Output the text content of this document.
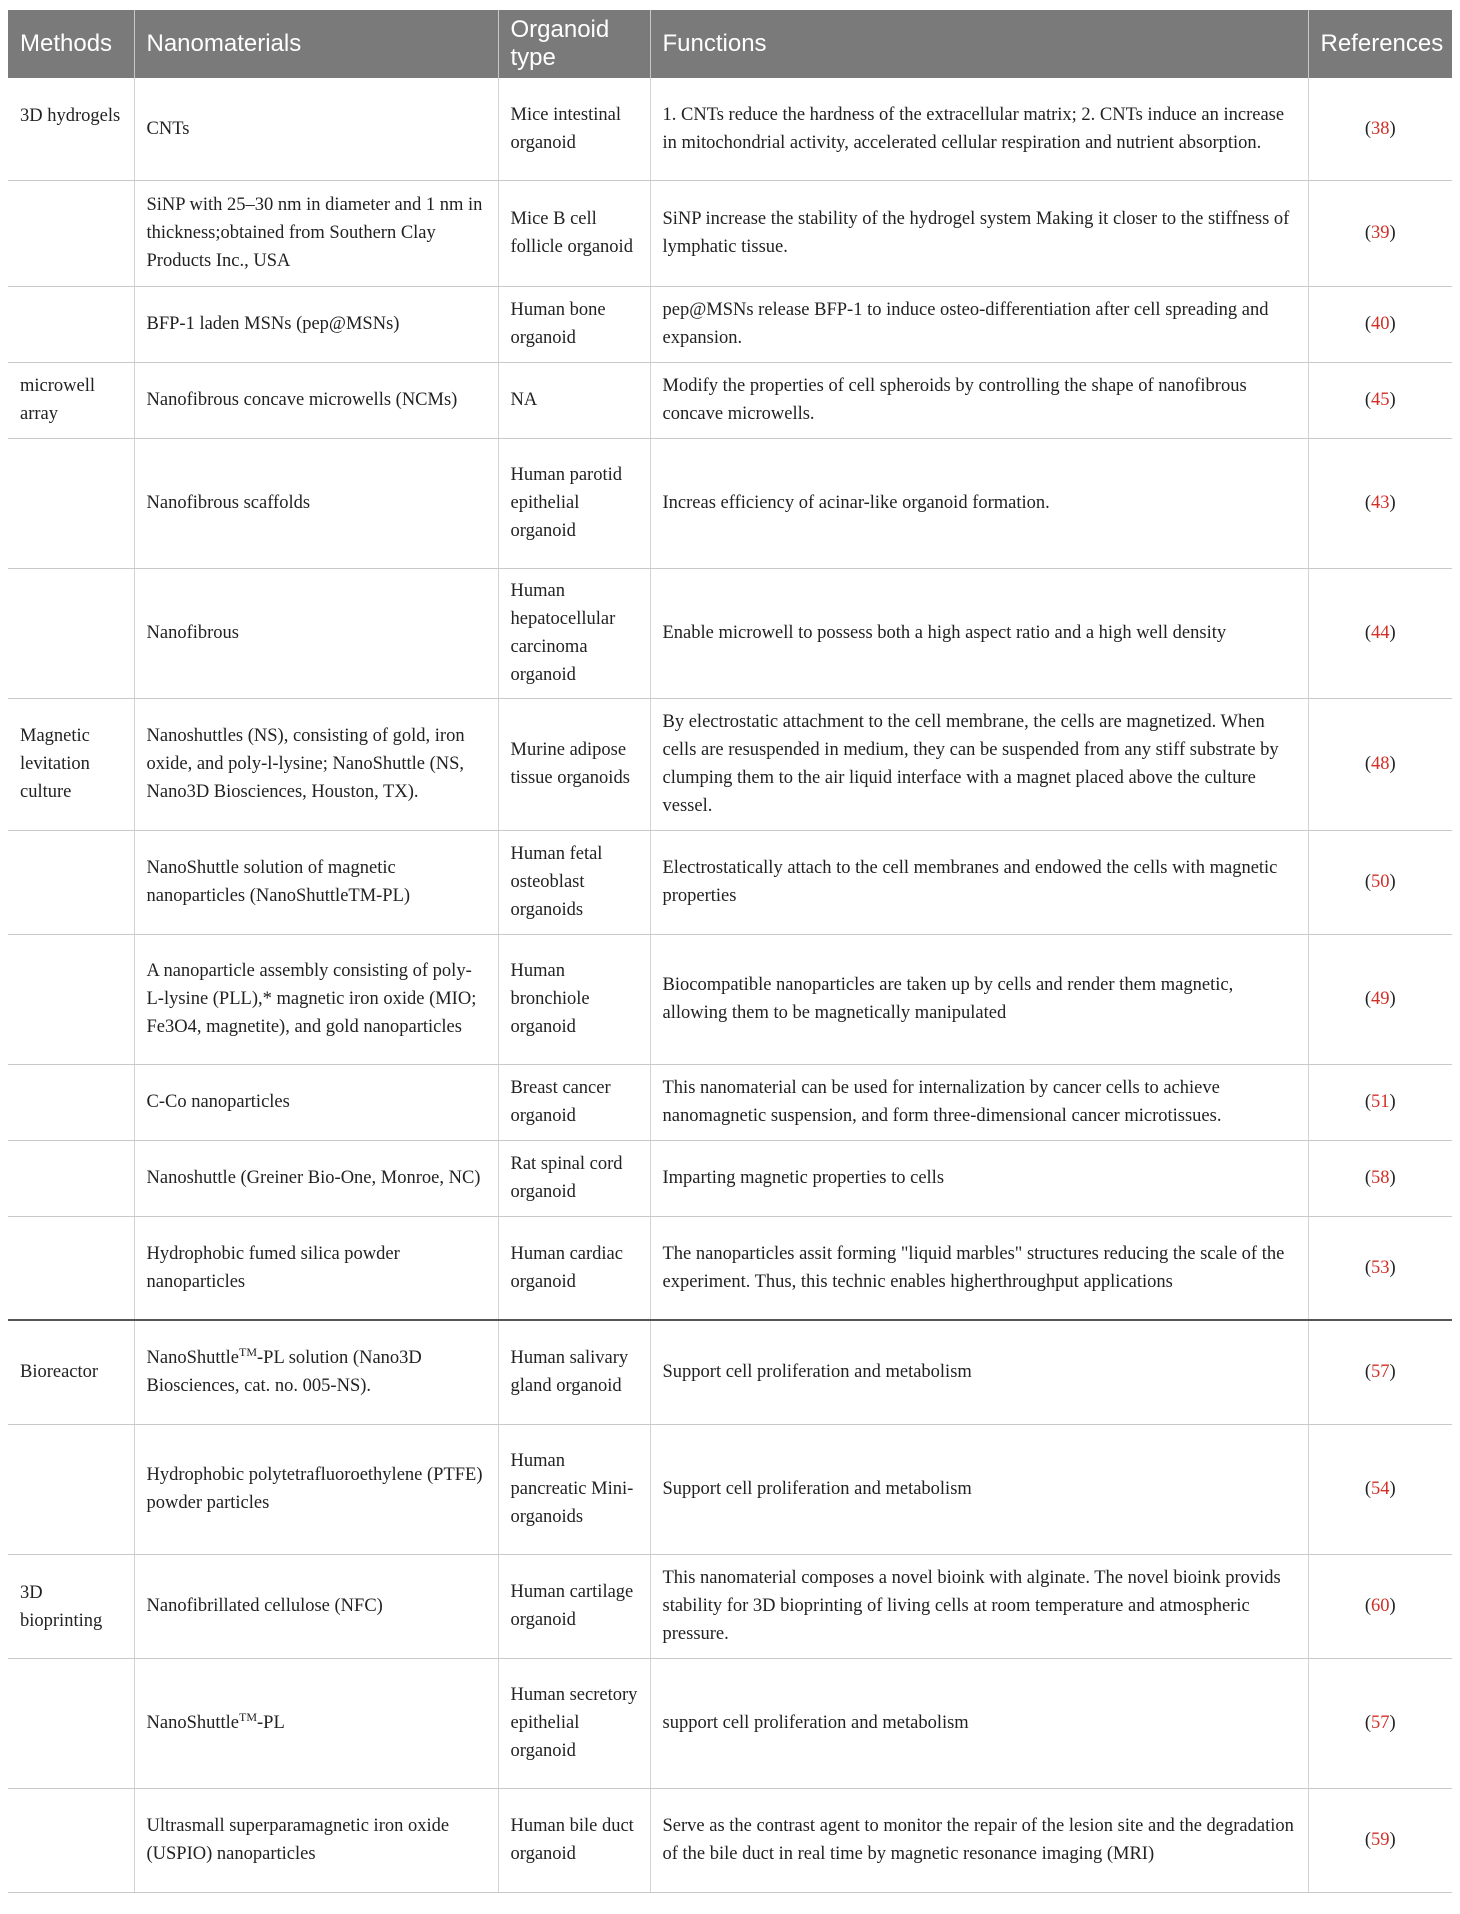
Methods	Nanomaterials	Organoid type	Functions	References
3D hydrogels	CNTs	Mice intestinal organoid	1. CNTs reduce the hardness of the extracellular matrix; 2. CNTs induce an increase in mitochondrial activity, accelerated cellular respiration and nutrient absorption.	(38)
	SiNP with 25–30 nm in diameter and 1 nm in thickness;obtained from Southern Clay Products Inc., USA	Mice B cell follicle organoid	SiNP increase the stability of the hydrogel system Making it closer to the stiffness of lymphatic tissue.	(39)
	BFP-1 laden MSNs (pep@MSNs)	Human bone organoid	pep@MSNs release BFP-1 to induce osteo-differentiation after cell spreading and expansion.	(40)
microwell array	Nanofibrous concave microwells (NCMs)	NA	Modify the properties of cell spheroids by controlling the shape of nanofibrous concave microwells.	(45)
	Nanofibrous scaffolds	Human parotid epithelial organoid	Increas efficiency of acinar-like organoid formation.	(43)
	Nanofibrous	Human hepatocellular carcinoma organoid	Enable microwell to possess both a high aspect ratio and a high well density	(44)
Magnetic levitation culture	Nanoshuttles (NS), consisting of gold, iron oxide, and poly-l-lysine; NanoShuttle (NS, Nano3D Biosciences, Houston, TX).	Murine adipose tissue organoids	By electrostatic attachment to the cell membrane, the cells are magnetized. When cells are resuspended in medium, they can be suspended from any stiff substrate by clumping them to the air liquid interface with a magnet placed above the culture vessel.	(48)
	NanoShuttle solution of magnetic nanoparticles (NanoShuttleTM-PL)	Human fetal osteoblast organoids	Electrostatically attach to the cell membranes and endowed the cells with magnetic properties	(50)
	A nanoparticle assembly consisting of poly-L-lysine (PLL),* magnetic iron oxide (MIO; Fe3O4, magnetite), and gold nanoparticles	Human bronchiole organoid	Biocompatible nanoparticles are taken up by cells and render them magnetic, allowing them to be magnetically manipulated	(49)
	C-Co nanoparticles	Breast cancer organoid	This nanomaterial can be used for internalization by cancer cells to achieve nanomagnetic suspension, and form three-dimensional cancer microtissues.	(51)
	Nanoshuttle (Greiner Bio-One, Monroe, NC)	Rat spinal cord organoid	Imparting magnetic properties to cells	(58)
	Hydrophobic fumed silica powder nanoparticles	Human cardiac organoid	The nanoparticles assit forming "liquid marbles" structures reducing the scale of the experiment. Thus, this technic enables higherthroughput applications	(53)
Bioreactor	NanoShuttle™-PL solution (Nano3D Biosciences, cat. no. 005-NS).	Human salivary gland organoid	Support cell proliferation and metabolism	(57)
	Hydrophobic polytetrafluoroethylene (PTFE) powder particles	Human pancreatic Mini-organoids	Support cell proliferation and metabolism	(54)
3D bioprinting	Nanofibrillated cellulose (NFC)	Human cartilage organoid	This nanomaterial composes a novel bioink with alginate. The novel bioink provids stability for 3D bioprinting of living cells at room temperature and atmospheric pressure.	(60)
	NanoShuttle™-PL	Human secretory epithelial organoid	support cell proliferation and metabolism	(57)
	Ultrasmall superparamagnetic iron oxide (USPIO) nanoparticles	Human bile duct organoid	Serve as the contrast agent to monitor the repair of the lesion site and the degradation of the bile duct in real time by magnetic resonance imaging (MRI)	(59)
